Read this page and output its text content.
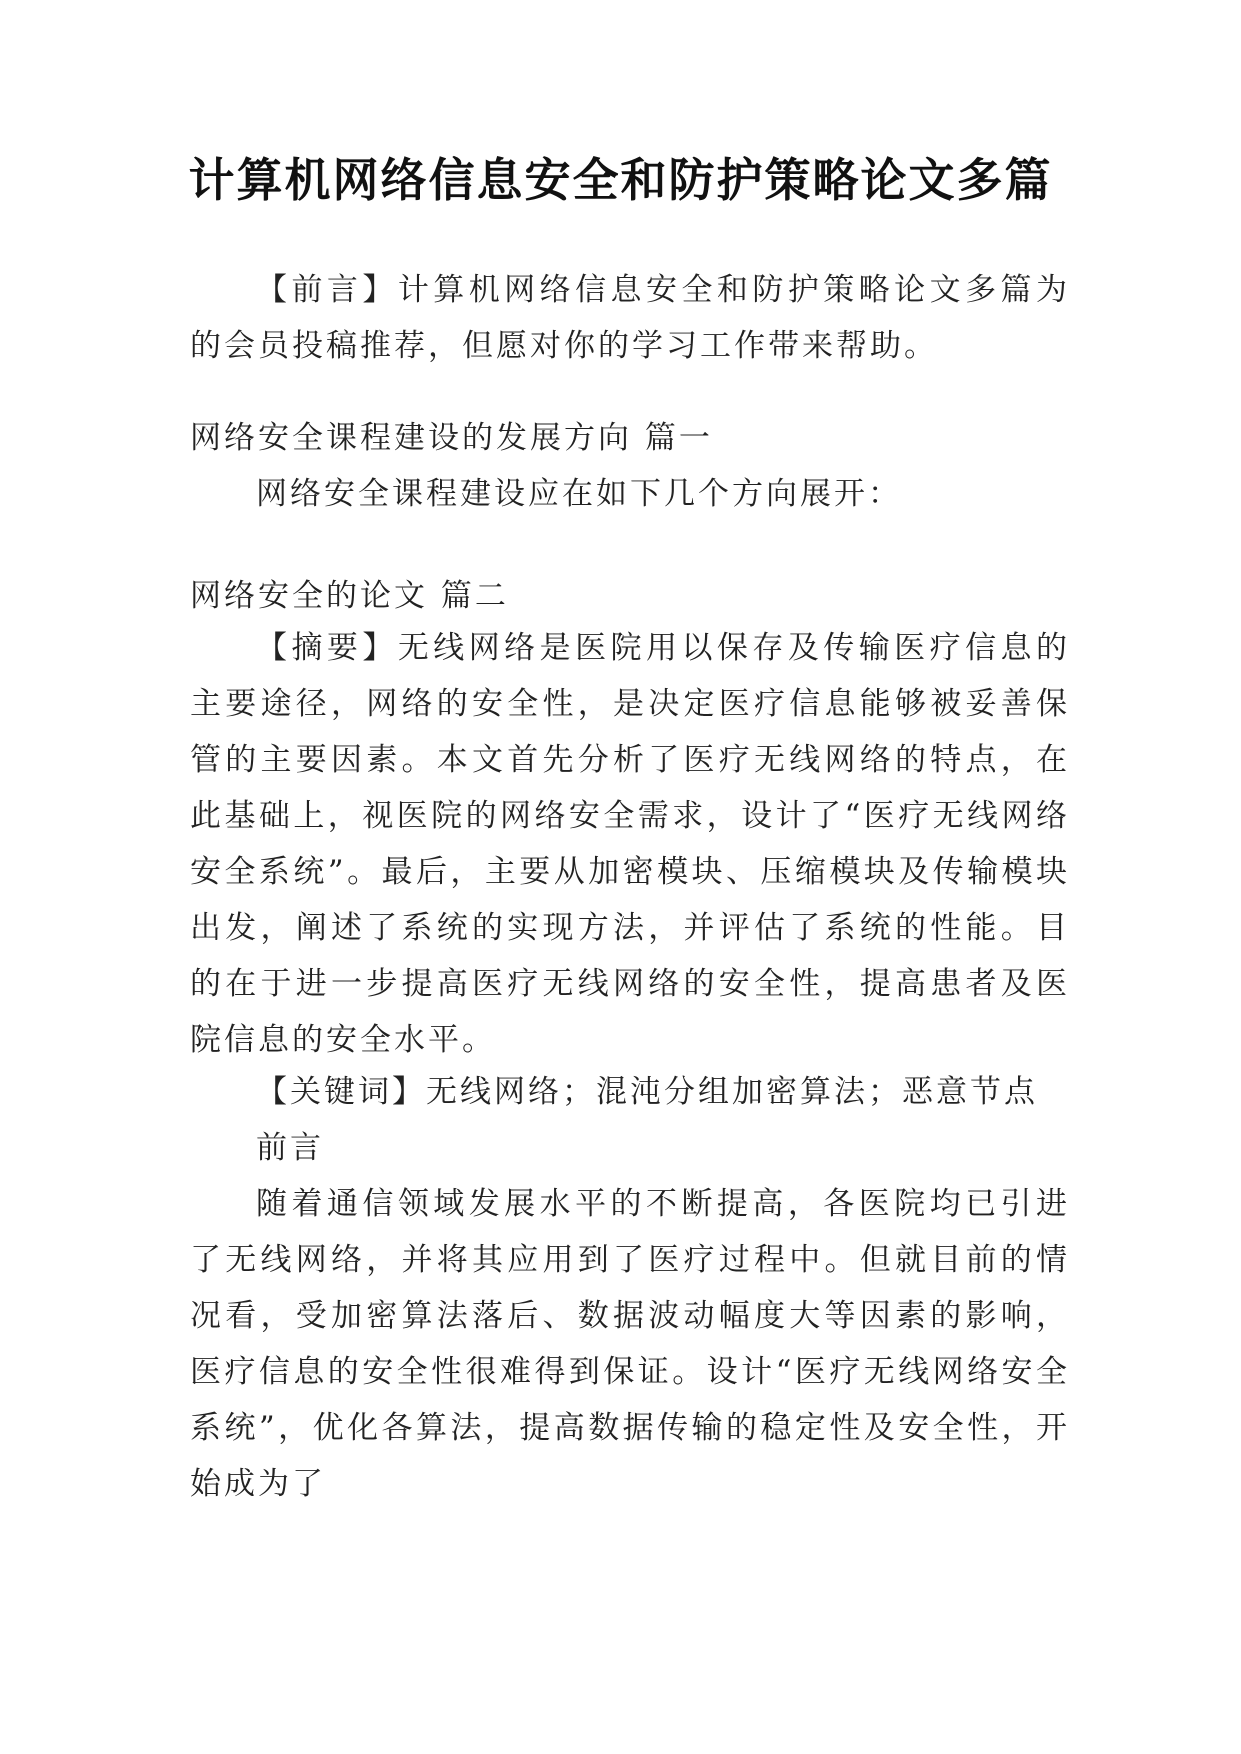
计算机网络信息安全和防护策略论文多篇
【前言】计算机网络信息安全和防护策略论文多篇为的会员投稿推荐，但愿对你的学习工作带来帮助。
网络安全课程建设的发展方向 篇一
网络安全课程建设应在如下几个方向展开：
网络安全的论文 篇二
【摘要】无线网络是医院用以保存及传输医疗信息的主要途径，网络的安全性，是决定医疗信息能够被妥善保管的主要因素。本文首先分析了医疗无线网络的特点，在此基础上，视医院的网络安全需求，设计了“医疗无线网络安全系统”。最后，主要从加密模块、压缩模块及传输模块出发，阐述了系统的实现方法，并评估了系统的性能。目的在于进一步提高医疗无线网络的安全性，提高患者及医院信息的安全水平。
【关键词】无线网络；混沌分组加密算法；恶意节点
前言
随着通信领域发展水平的不断提高，各医院均已引进了无线网络，并将其应用到了医疗过程中。但就目前的情况看，受加密算法落后、数据波动幅度大等因素的影响，医疗信息的安全性很难得到保证。设计“医疗无线网络安全系统”，优化各算法，提高数据传输的稳定性及安全性，开始成为了
